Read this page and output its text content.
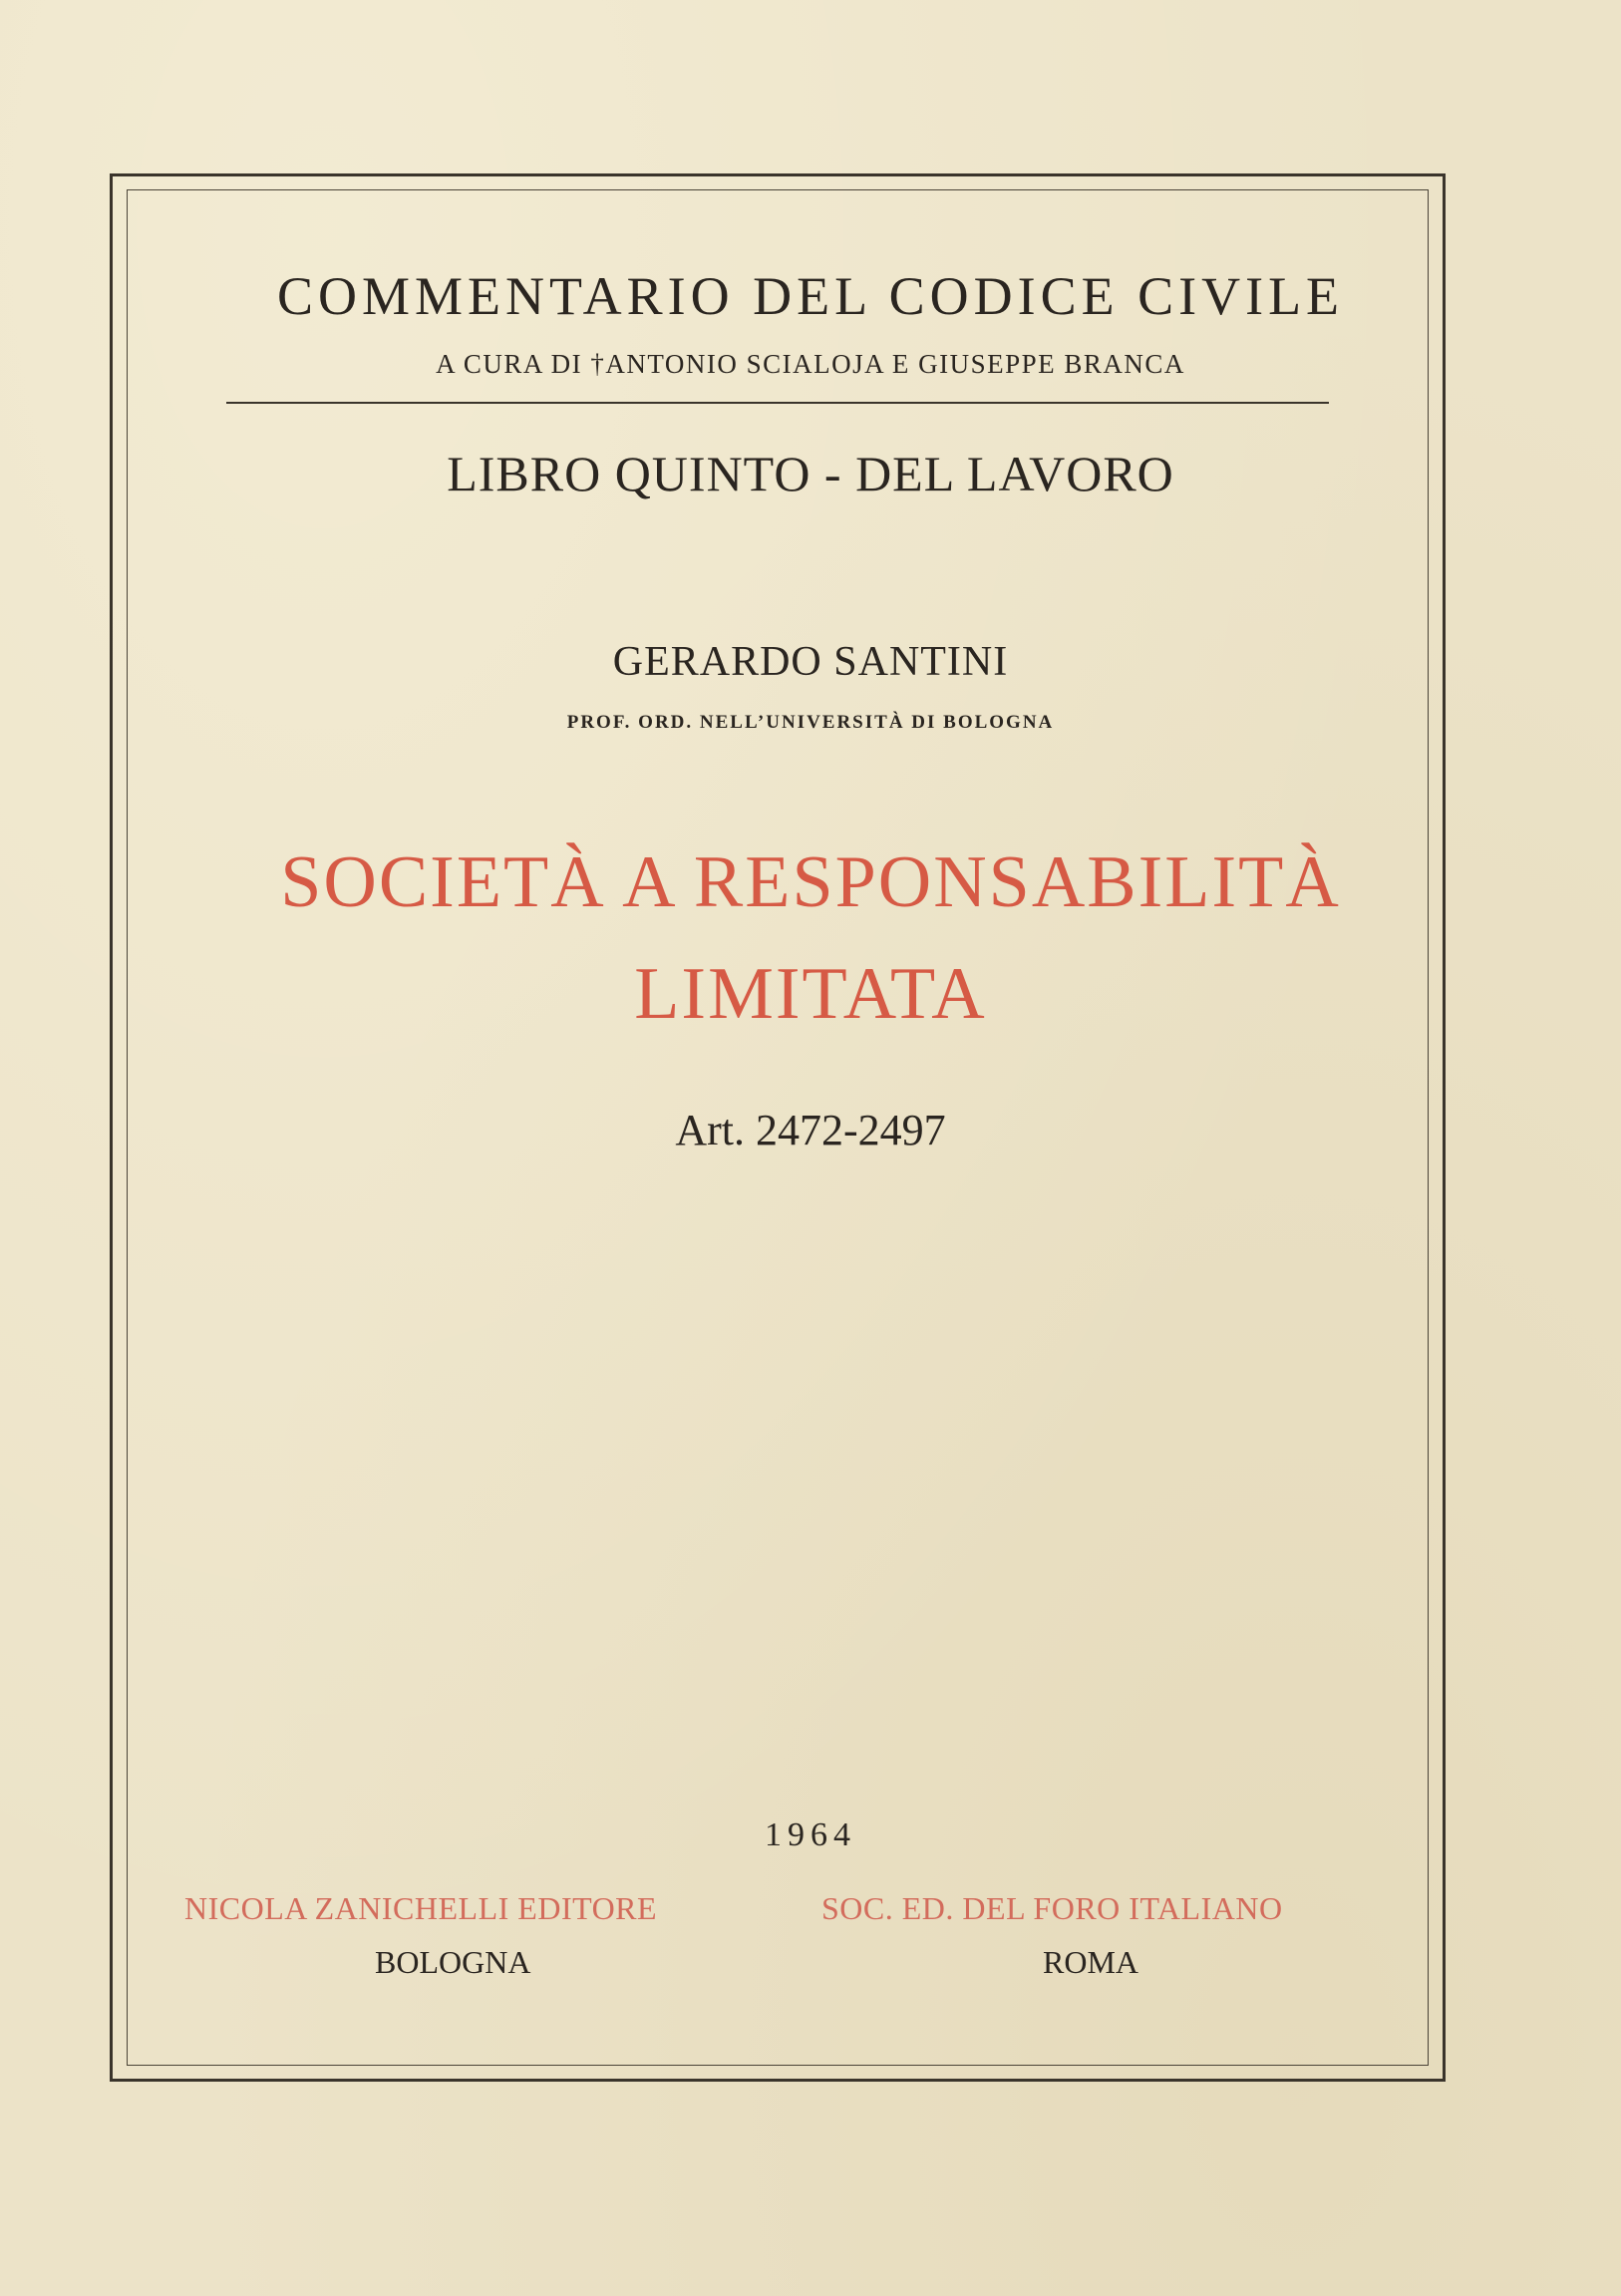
COMMENTARIO DEL CODICE CIVILE
A CURA DI †ANTONIO SCIALOJA E GIUSEPPE BRANCA
LIBRO QUINTO - DEL LAVORO
GERARDO SANTINI
PROF. ORD. NELL’UNIVERSITÀ DI BOLOGNA
SOCIETÀ A RESPONSABILITÀ
LIMITATA
Art. 2472-2497
1964
NICOLA ZANICHELLI EDITORE	SOC. ED. DEL FORO ITALIANO
BOLOGNA	ROMA
